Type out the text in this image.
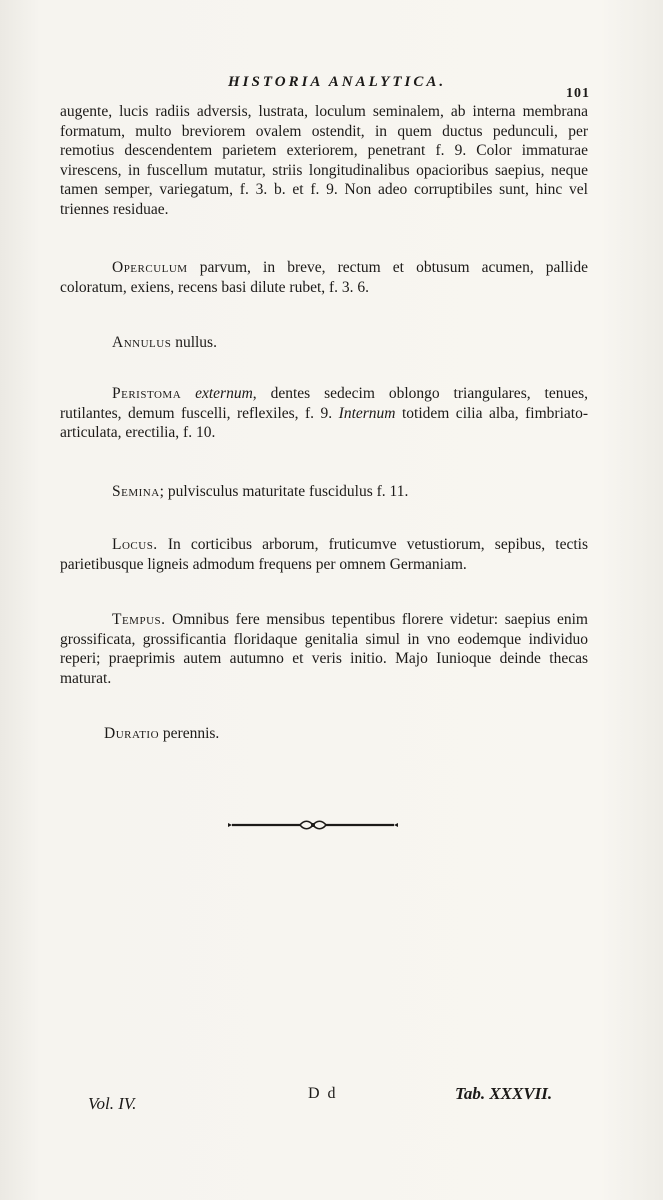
HISTORIA ANALYTICA.
101

augente, lucis radiis adversis, lustrata, loculum seminalem, ab interna membrana formatum, multo breviorem ovalem ostendit, in quem ductus pedunculi, per remotius descendentem parietem exteriorem, penetrant f. 9. Color immaturae virescens, in fuscellum mutatur, striis longitudinalibus opacioribus saepius, neque tamen semper, variegatum, f. 3. b. et f. 9. Non adeo corruptibiles sunt, hinc vel triennes residuae.

Operculum parvum, in breve, rectum et obtusum acumen, pallide coloratum, exiens, recens basi dilute rubet, f. 3. 6.

Annulus nullus.

Peristoma externum, dentes sedecim oblongo triangulares, tenues, rutilantes, demum fuscelli, reflexiles, f. 9. Internum totidem cilia alba, fimbriato-articulata, erectilia, f. 10.

Semina; pulvisculus maturitate fuscidulus f. 11.

Locus. In corticibus arborum, fruticumve vetustiorum, sepibus, tectis parietibusque ligneis admodum frequens per omnem Germaniam.

Tempus. Omnibus fere mensibus tepentibus florere videtur: saepius enim grossificata, grossificantia floridaque genitalia simul in vno eodemque individuo reperi; praeprimis autem autumno et veris initio. Majo Iunioque deinde thecas maturat.

Duratio perennis.

Vol. IV.
D d	Tab. XXXVII.
